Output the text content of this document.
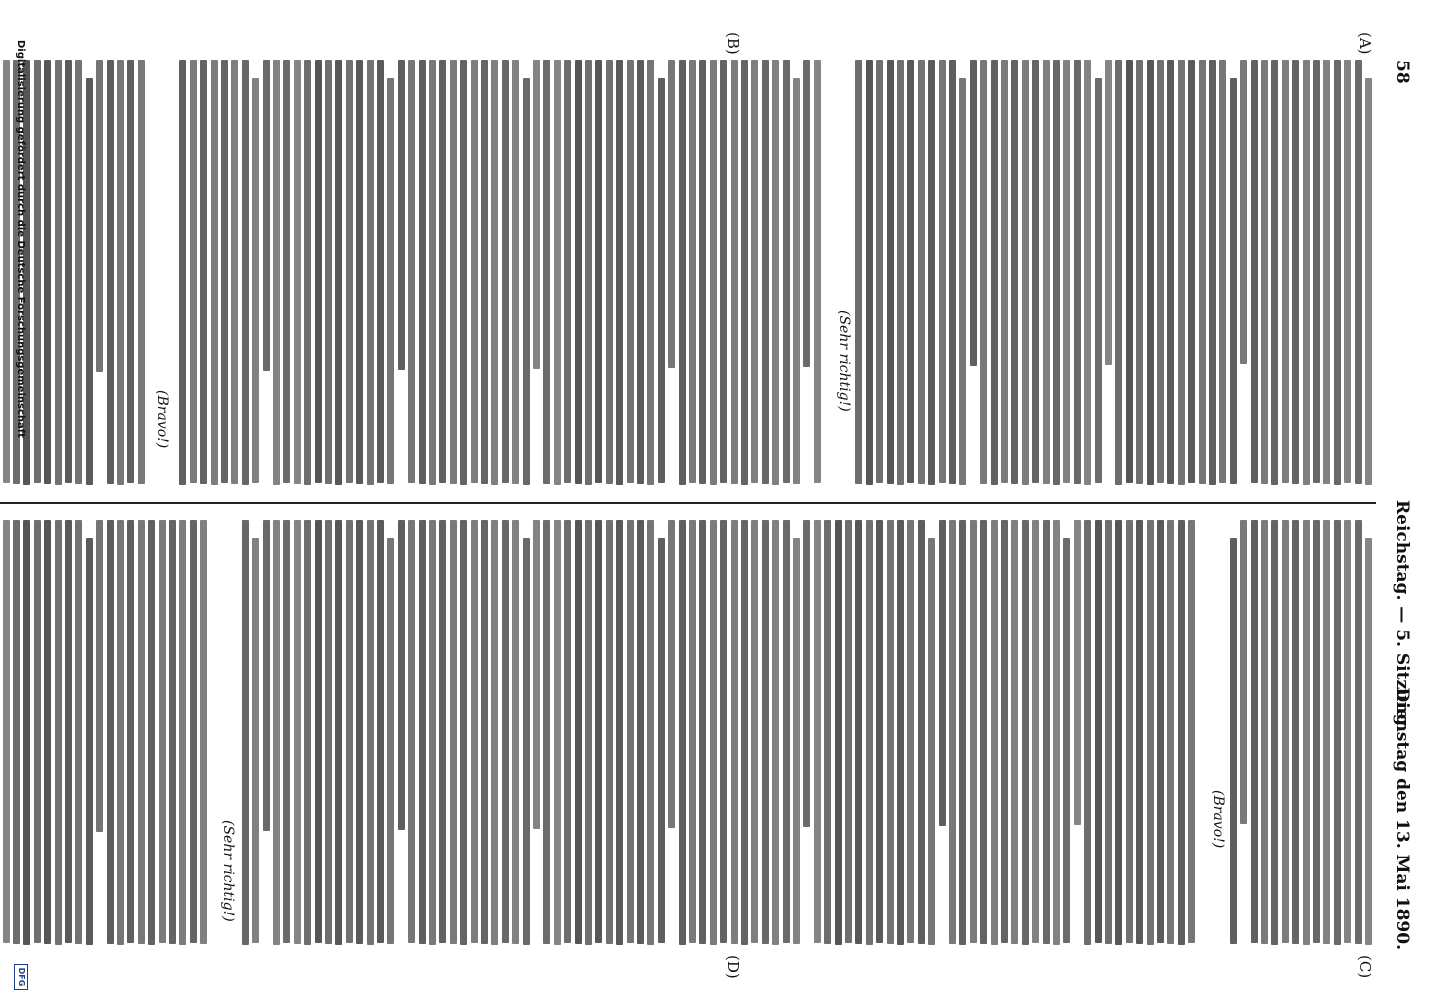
58
Reichstag. — 5. Sitzung.
Dienstag den 13. Mai 1890.
(A)
(B)
(C)
(D)
(Sehr richtig!)
(Bravo!)
(Bravo!)
(Sehr richtig!)
Digitalisierung gefördert durch die Deutsche Forschungsgemeinschaft
DFG
